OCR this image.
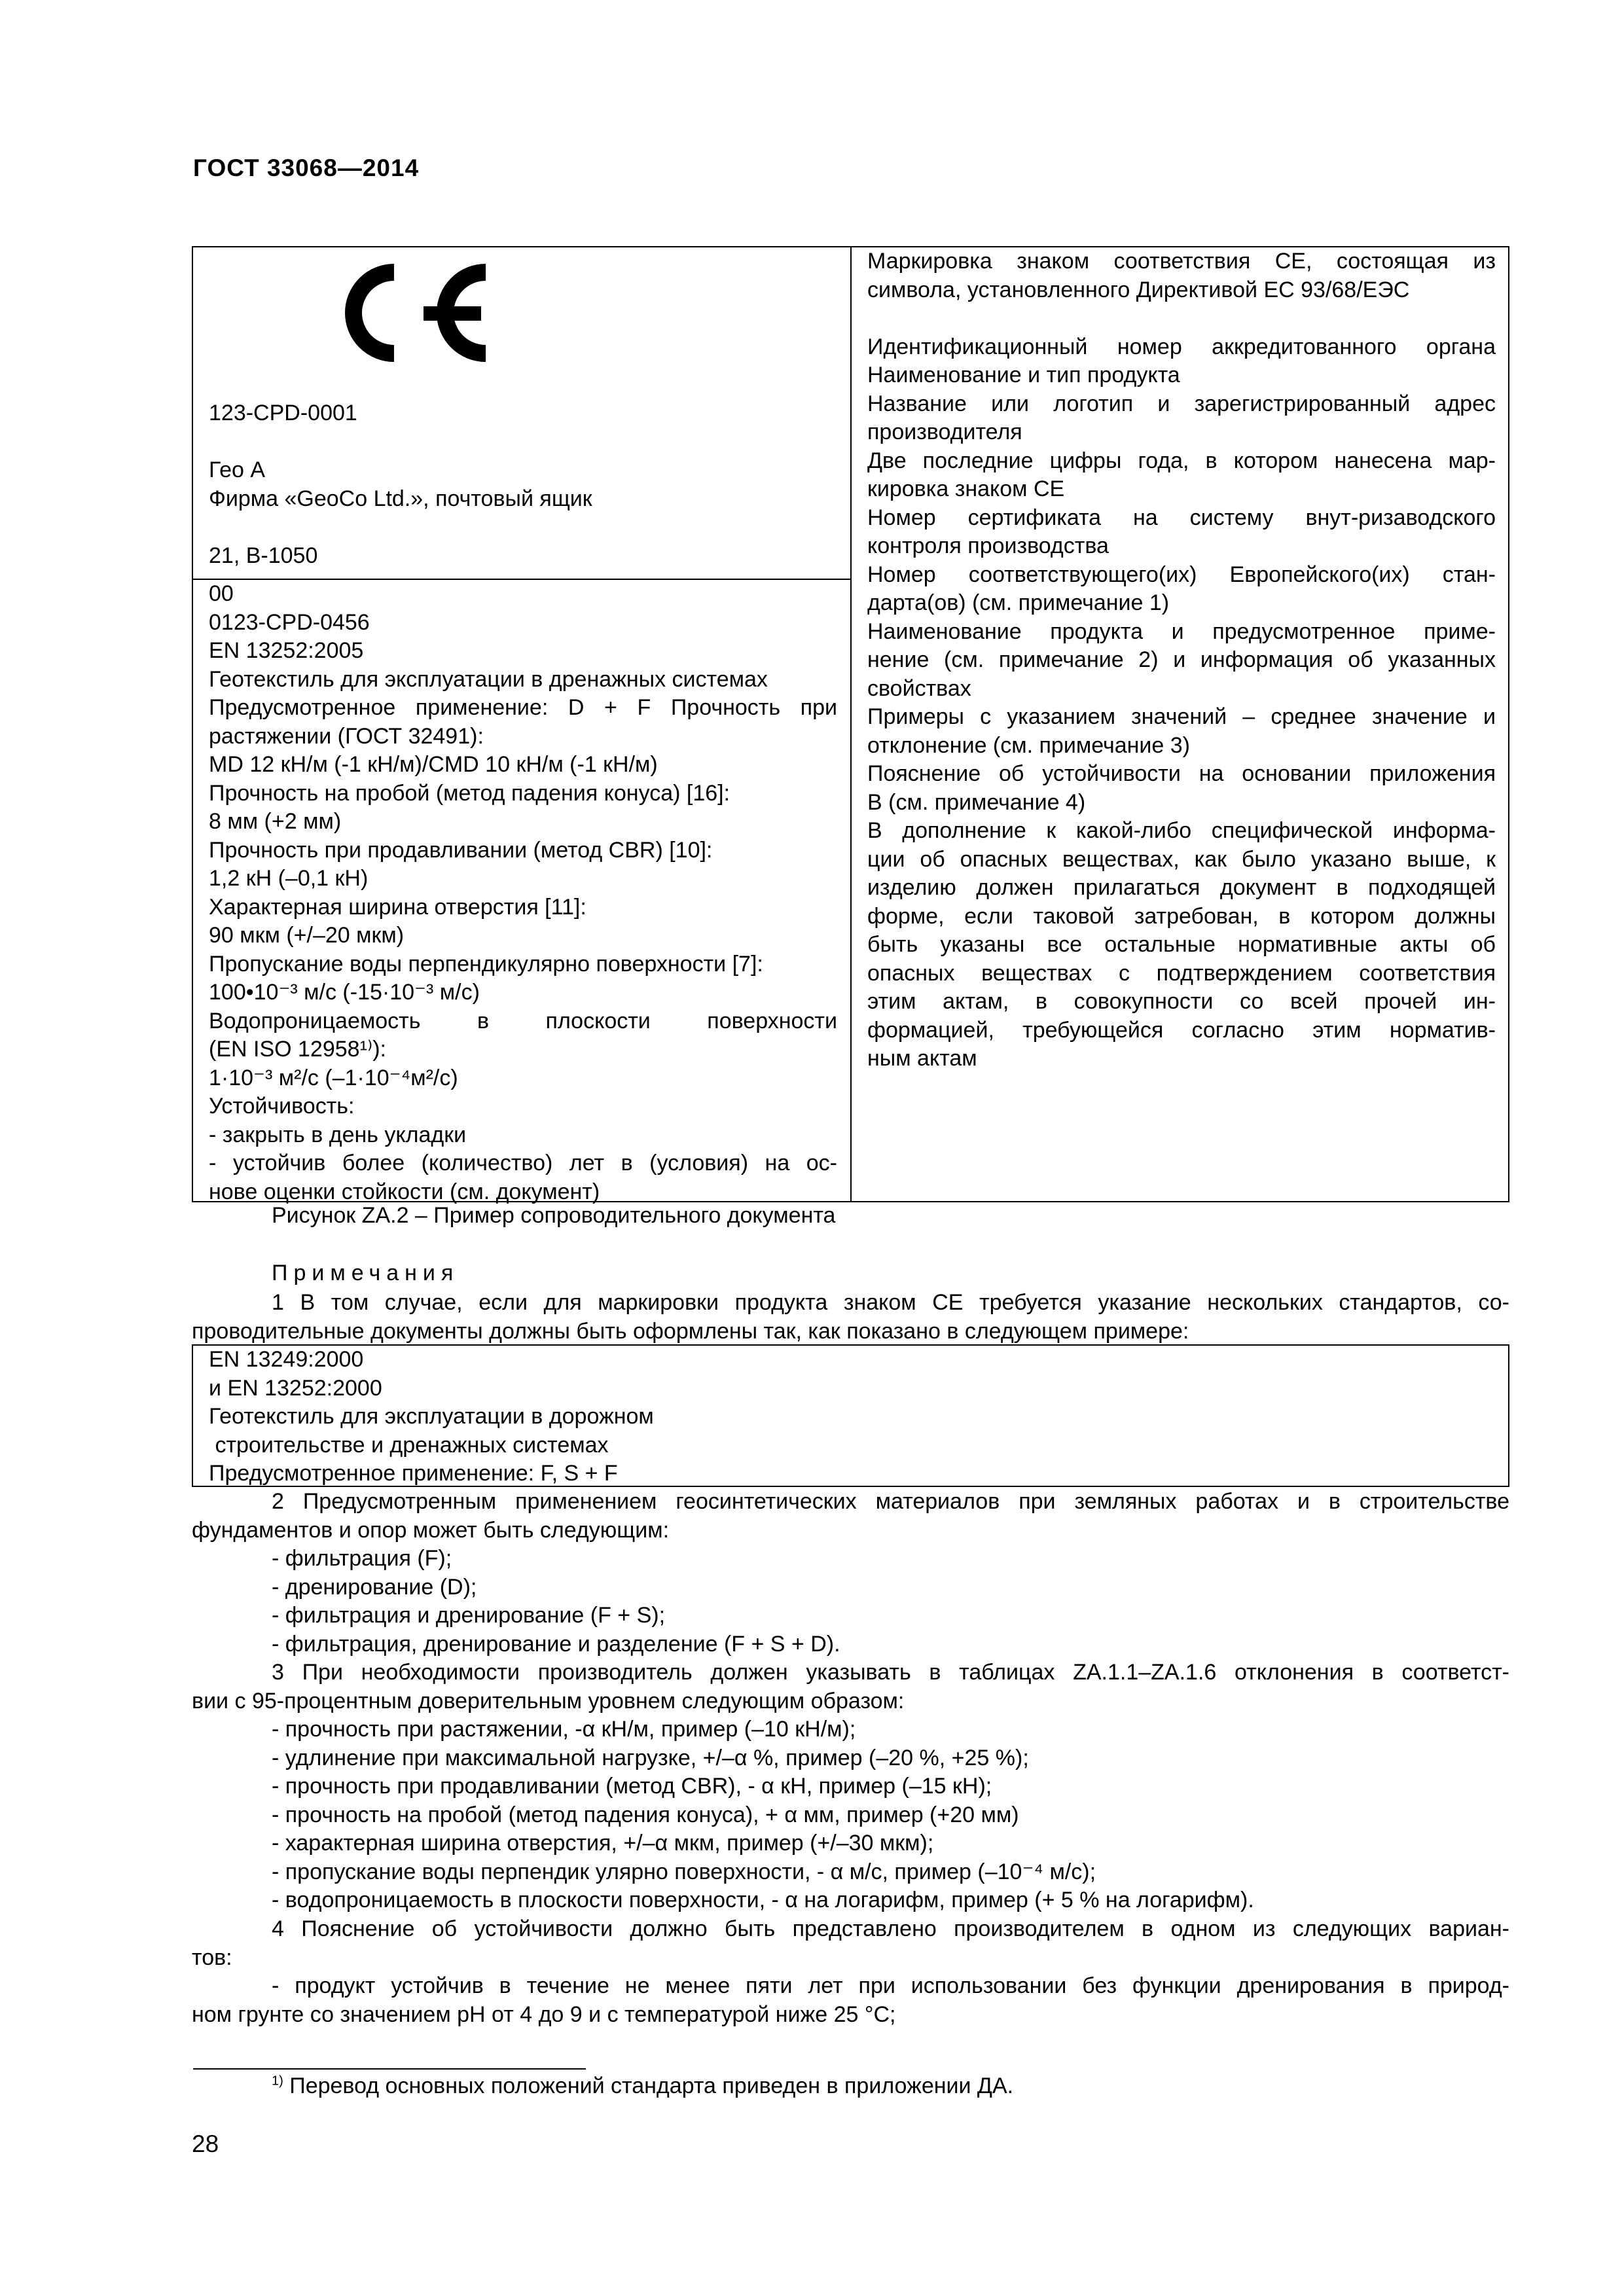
ГОСТ 33068—2014
123-CPD-0001

Гео А
Фирма «GeoCo Ltd.», почтовый ящик

21, B-1050
00
0123-CPD-0456
EN 13252:2005
Геотекстиль для эксплуатации в дренажных системах
Предусмотренное применение: D + F Прочность при
растяжении (ГОСТ 32491):
MD 12 кН/м (-1 кН/м)/CMD 10 кН/м (-1 кН/м)
Прочность на пробой (метод падения конуса) [16]:
8 мм (+2 мм)
Прочность при продавливании (метод CBR) [10]:
1,2 кН (–0,1 кН)
Характерная ширина отверстия [11]:
90 мкм (+/–20 мкм)
Пропускание воды перпендикулярно поверхности [7]:
100•10⁻³ м/с (-15·10⁻³ м/с)
Водопроницаемость в плоскости поверхности
(EN ISO 12958¹⁾):
1·10⁻³ м²/с (–1·10⁻⁴м²/с)
Устойчивость:
- закрыть в день укладки
- устойчив более (количество) лет в (условия) на ос-
нове оценки стойкости (см. документ)
Маркировка знаком соответствия CE, состоящая из
символа, установленного Директивой ЕС 93/68/ЕЭС

Идентификационный номер аккредитованного органа
Наименование и тип продукта
Название или логотип и зарегистрированный адрес
производителя
Две последние цифры года, в котором нанесена мар-
кировка знаком CE
Номер сертификата на систему внут-ризаводского
контроля производства
Номер соответствующего(их) Европейского(их) стан-
дарта(ов) (см. примечание 1)
Наименование продукта и предусмотренное приме-
нение (см. примечание 2) и информация об указанных
свойствах
Примеры с указанием значений – среднее значение и
отклонение (см. примечание 3)
Пояснение об устойчивости на основании приложения
B (см. примечание 4)
В дополнение к какой-либо специфической информа-
ции об опасных веществах, как было указано выше, к
изделию должен прилагаться документ в подходящей
форме, если таковой затребован, в котором должны
быть указаны все остальные нормативные акты об
опасных веществах с подтверждением соответствия
этим актам, в совокупности со всей прочей ин-
формацией, требующейся согласно этим норматив-
ным актам
Рисунок ZA.2 – Пример сопроводительного документа
Примечания
1 В том случае, если для маркировки продукта знаком CE требуется указание нескольких стандартов, со-
проводительные документы должны быть оформлены так, как показано в следующем примере:
EN 13249:2000
и EN 13252:2000
Геотекстиль для эксплуатации в дорожном
строительстве и дренажных системах
Предусмотренное применение: F, S + F
2 Предусмотренным применением геосинтетических материалов при земляных работах и в строительстве
фундаментов и опор может быть следующим:
- фильтрация (F);
- дренирование (D);
- фильтрация и дренирование (F + S);
- фильтрация, дренирование и разделение (F + S + D).
3 При необходимости производитель должен указывать в таблицах ZA.1.1–ZA.1.6 отклонения в соответст-
вии с 95-процентным доверительным уровнем следующим образом:
- прочность при растяжении, -α кН/м, пример (–10 кН/м);
- удлинение при максимальной нагрузке, +/–α %, пример (–20 %, +25 %);
- прочность при продавливании (метод CBR), - α кН, пример (–15 кН);
- прочность на пробой (метод падения конуса), + α мм, пример (+20 мм)
- характерная ширина отверстия, +/–α мкм, пример (+/–30 мкм);
- пропускание воды перпендик улярно поверхности, - α м/с, пример (–10⁻⁴ м/с);
- водопроницаемость в плоскости поверхности, - α на логарифм, пример (+ 5 % на логарифм).
4 Пояснение об устойчивости должно быть представлено производителем в одном из следующих вариан-
тов:
- продукт устойчив в течение не менее пяти лет при использовании без функции дренирования в природ-
ном грунте со значением pH от 4 до 9 и с температурой ниже 25 °С;
$^{1)}$ Перевод основных положений стандарта приведен в приложении ДА.
28
